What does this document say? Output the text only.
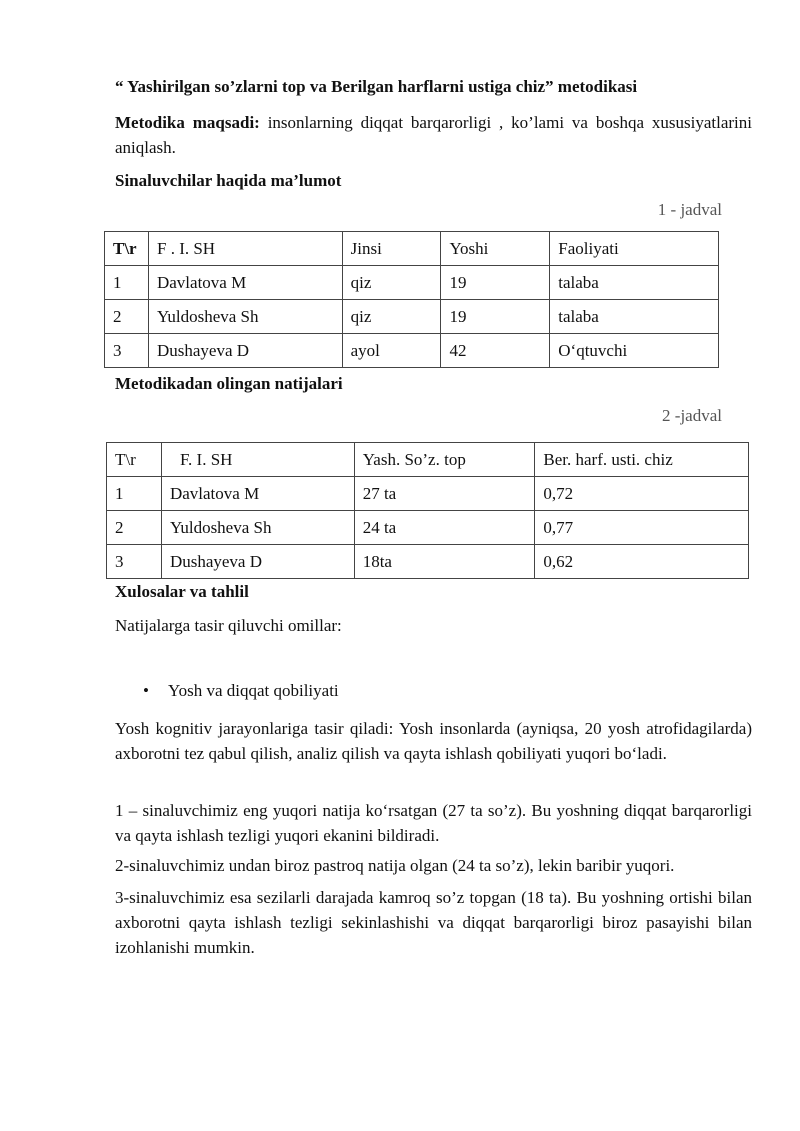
“ Yashirilgan so’zlarni top va Berilgan harflarni ustiga chiz” metodikasi
Metodika maqsadi: insonlarning diqqat barqarorligi , ko’lami va boshqa xususiyatlarini aniqlash.
Sinaluvchilar haqida ma’lumot
1 - jadval
T\r	F . I. SH	Jinsi	Yoshi	Faoliyati
1	Davlatova M	qiz	19	talaba
2	Yuldosheva Sh	qiz	19	talaba
3	Dushayeva D	ayol	42	O‘qtuvchi
Metodikadan olingan natijalari
2 -jadval
T\r	F. I. SH	Yash. So’z. top	Ber. harf. usti. chiz
1	Davlatova M	27 ta	0,72
2	Yuldosheva Sh	24 ta	0,77
3	Dushayeva D	18ta	0,62
Xulosalar va tahlil
Natijalarga tasir qiluvchi omillar:
• Yosh va diqqat qobiliyati
Yosh kognitiv jarayonlariga tasir qiladi: Yosh insonlarda (ayniqsa, 20 yosh atrofidagilarda) axborotni tez qabul qilish, analiz qilish va qayta ishlash qobiliyati yuqori bo‘ladi.
1 – sinaluvchimiz eng yuqori natija ko‘rsatgan (27 ta so’z). Bu yoshning diqqat barqarorligi va qayta ishlash tezligi yuqori ekanini bildiradi.
2-sinaluvchimiz undan biroz pastroq natija olgan (24 ta so’z), lekin baribir yuqori.
3-sinaluvchimiz esa sezilarli darajada kamroq so’z topgan (18 ta). Bu yoshning ortishi bilan axborotni qayta ishlash tezligi sekinlashishi va diqqat barqarorligi biroz pasayishi bilan izohlanishi mumkin.
